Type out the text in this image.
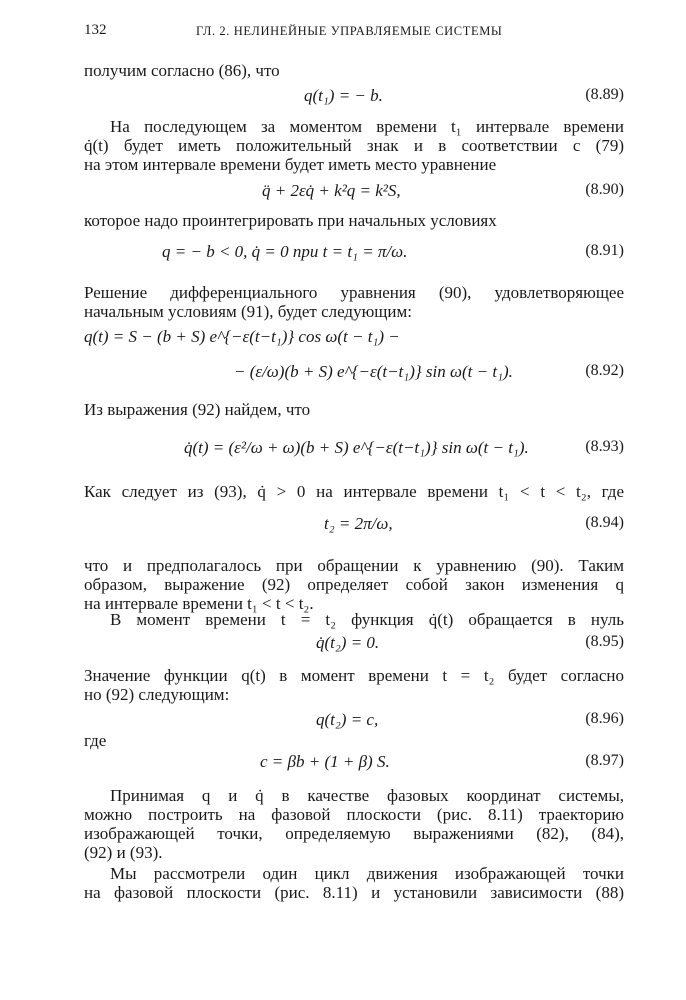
132	ГЛ. 2. НЕЛИНЕЙНЫЕ УПРАВЛЯЕМЫЕ СИСТЕМЫ
получим согласно (86), что
q(t₁) = − b.	(8.89)
На последующем за моментом времени t₁ интервале времени
q̇(t) будет иметь положительный знак и в соответствии с (79)
на этом интервале времени будет иметь место уравнение
q̈ + 2εq̇ + k²q = k²S,	(8.90)
которое надо проинтегрировать при начальных условиях
q = − b < 0, q̇ = 0 при t = t₁ = π/ω.	(8.91)
Решение дифференциального уравнения (90), удовлетворяющее
начальным условиям (91), будет следующим:
q(t) = S − (b + S) e^{−ε(t−t₁)} cos ω(t − t₁) −
− (ε/ω)(b + S) e^{−ε(t−t₁)} sin ω(t − t₁).	(8.92)
Из выражения (92) найдем, что
q̇(t) = (ε²/ω + ω)(b + S) e^{−ε(t−t₁)} sin ω(t − t₁).	(8.93)
Как следует из (93), q̇ > 0 на интервале времени t₁ < t < t₂, где
t₂ = 2π/ω,	(8.94)
что и предполагалось при обращении к уравнению (90). Таким
образом, выражение (92) определяет собой закон изменения q
на интервале времени t₁ < t < t₂.
В момент времени t = t₂ функция q̇(t) обращается в нуль
q̇(t₂) = 0.	(8.95)
Значение функции q(t) в момент времени t = t₂ будет согласно
но (92) следующим:
q(t₂) = c,	(8.96)
где
c = βb + (1 + β) S.	(8.97)
Принимая q и q̇ в качестве фазовых координат системы,
можно построить на фазовой плоскости (рис. 8.11) траекторию
изображающей точки, определяемую выражениями (82), (84),
(92) и (93).
Мы рассмотрели один цикл движения изображающей точки
на фазовой плоскости (рис. 8.11) и установили зависимости (88)
